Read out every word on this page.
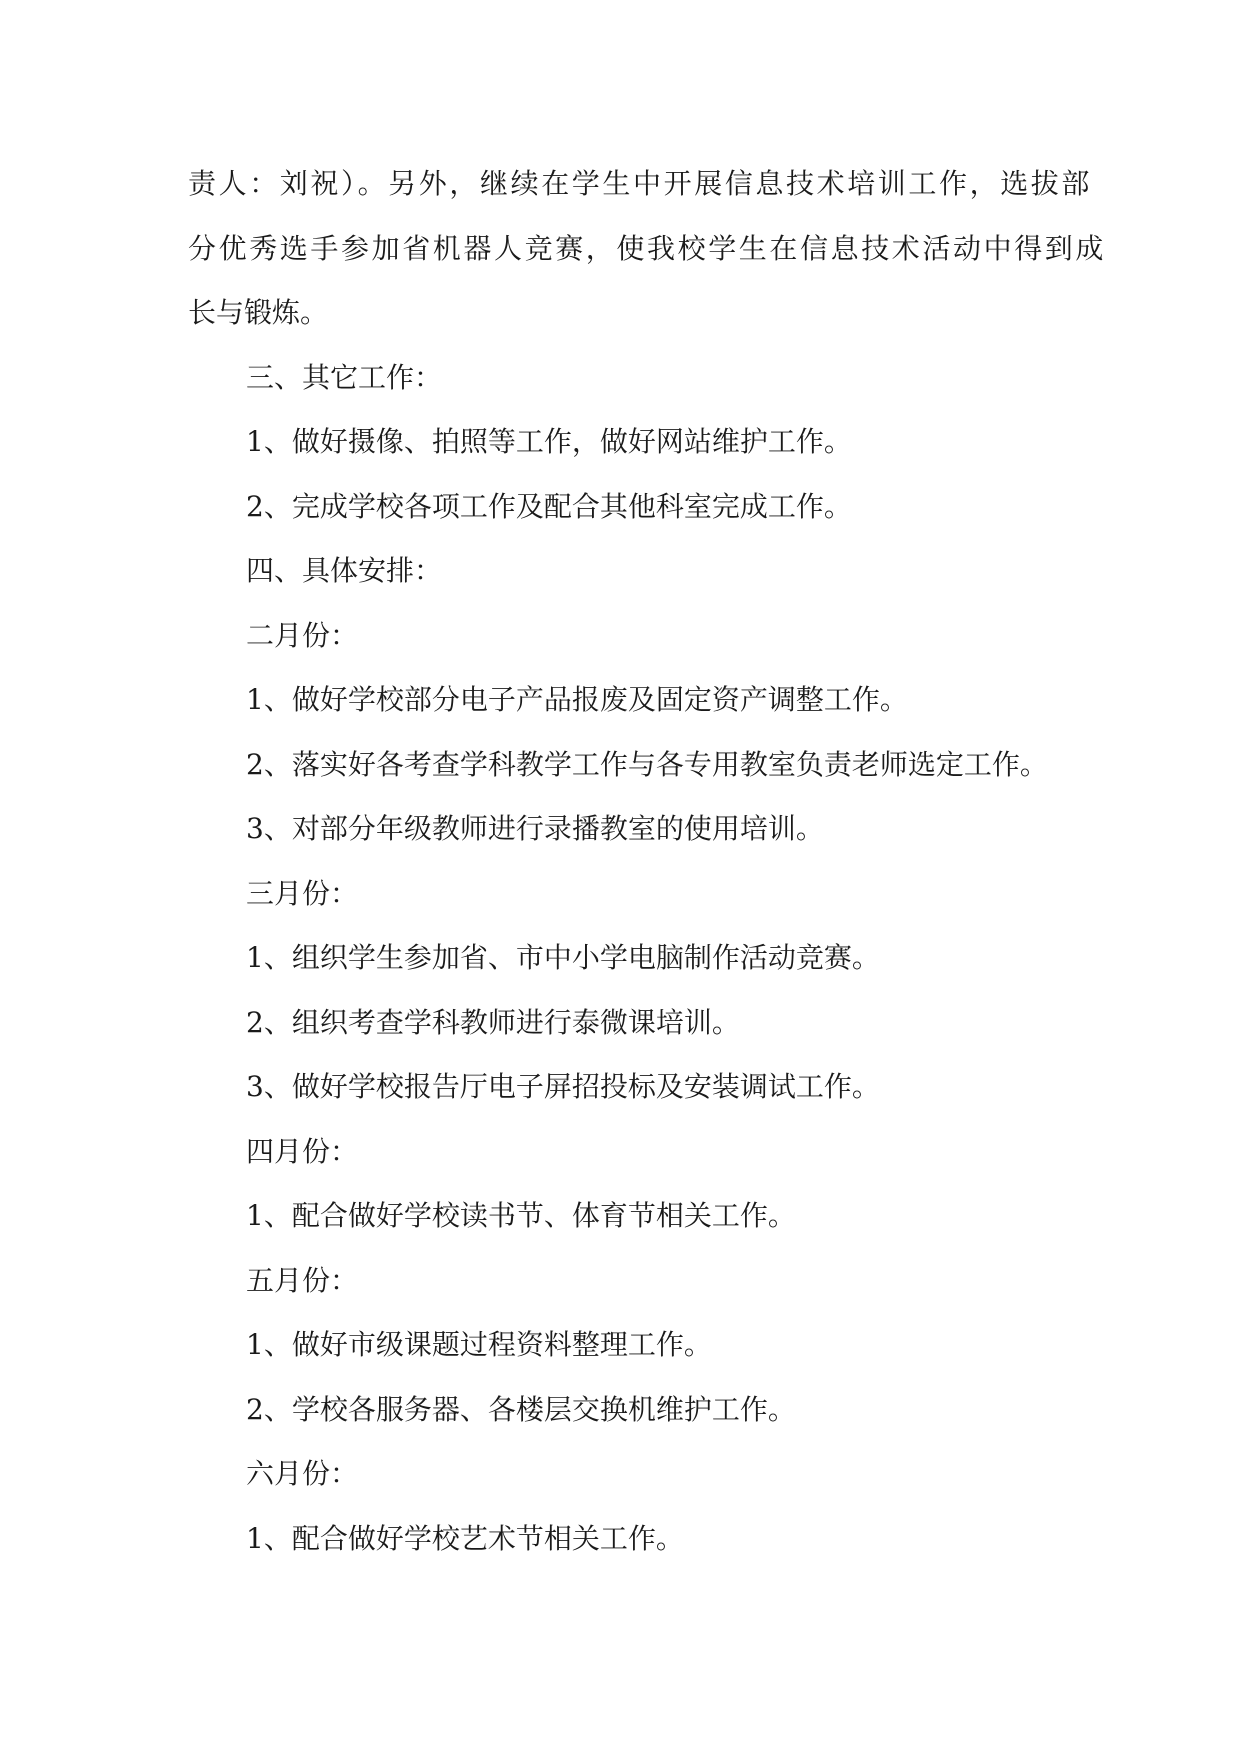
责人：刘祝）。另外，继续在学生中开展信息技术培训工作，选拔部
分优秀选手参加省机器人竞赛，使我校学生在信息技术活动中得到成
长与锻炼。
三、其它工作：
1、做好摄像、拍照等工作，做好网站维护工作。
2、完成学校各项工作及配合其他科室完成工作。
四、具体安排：
二月份：
1、做好学校部分电子产品报废及固定资产调整工作。
2、落实好各考查学科教学工作与各专用教室负责老师选定工作。
3、对部分年级教师进行录播教室的使用培训。
三月份：
1、组织学生参加省、市中小学电脑制作活动竞赛。
2、组织考查学科教师进行泰微课培训。
3、做好学校报告厅电子屏招投标及安装调试工作。
四月份：
1、配合做好学校读书节、体育节相关工作。
五月份：
1、做好市级课题过程资料整理工作。
2、学校各服务器、各楼层交换机维护工作。
六月份：
1、配合做好学校艺术节相关工作。
